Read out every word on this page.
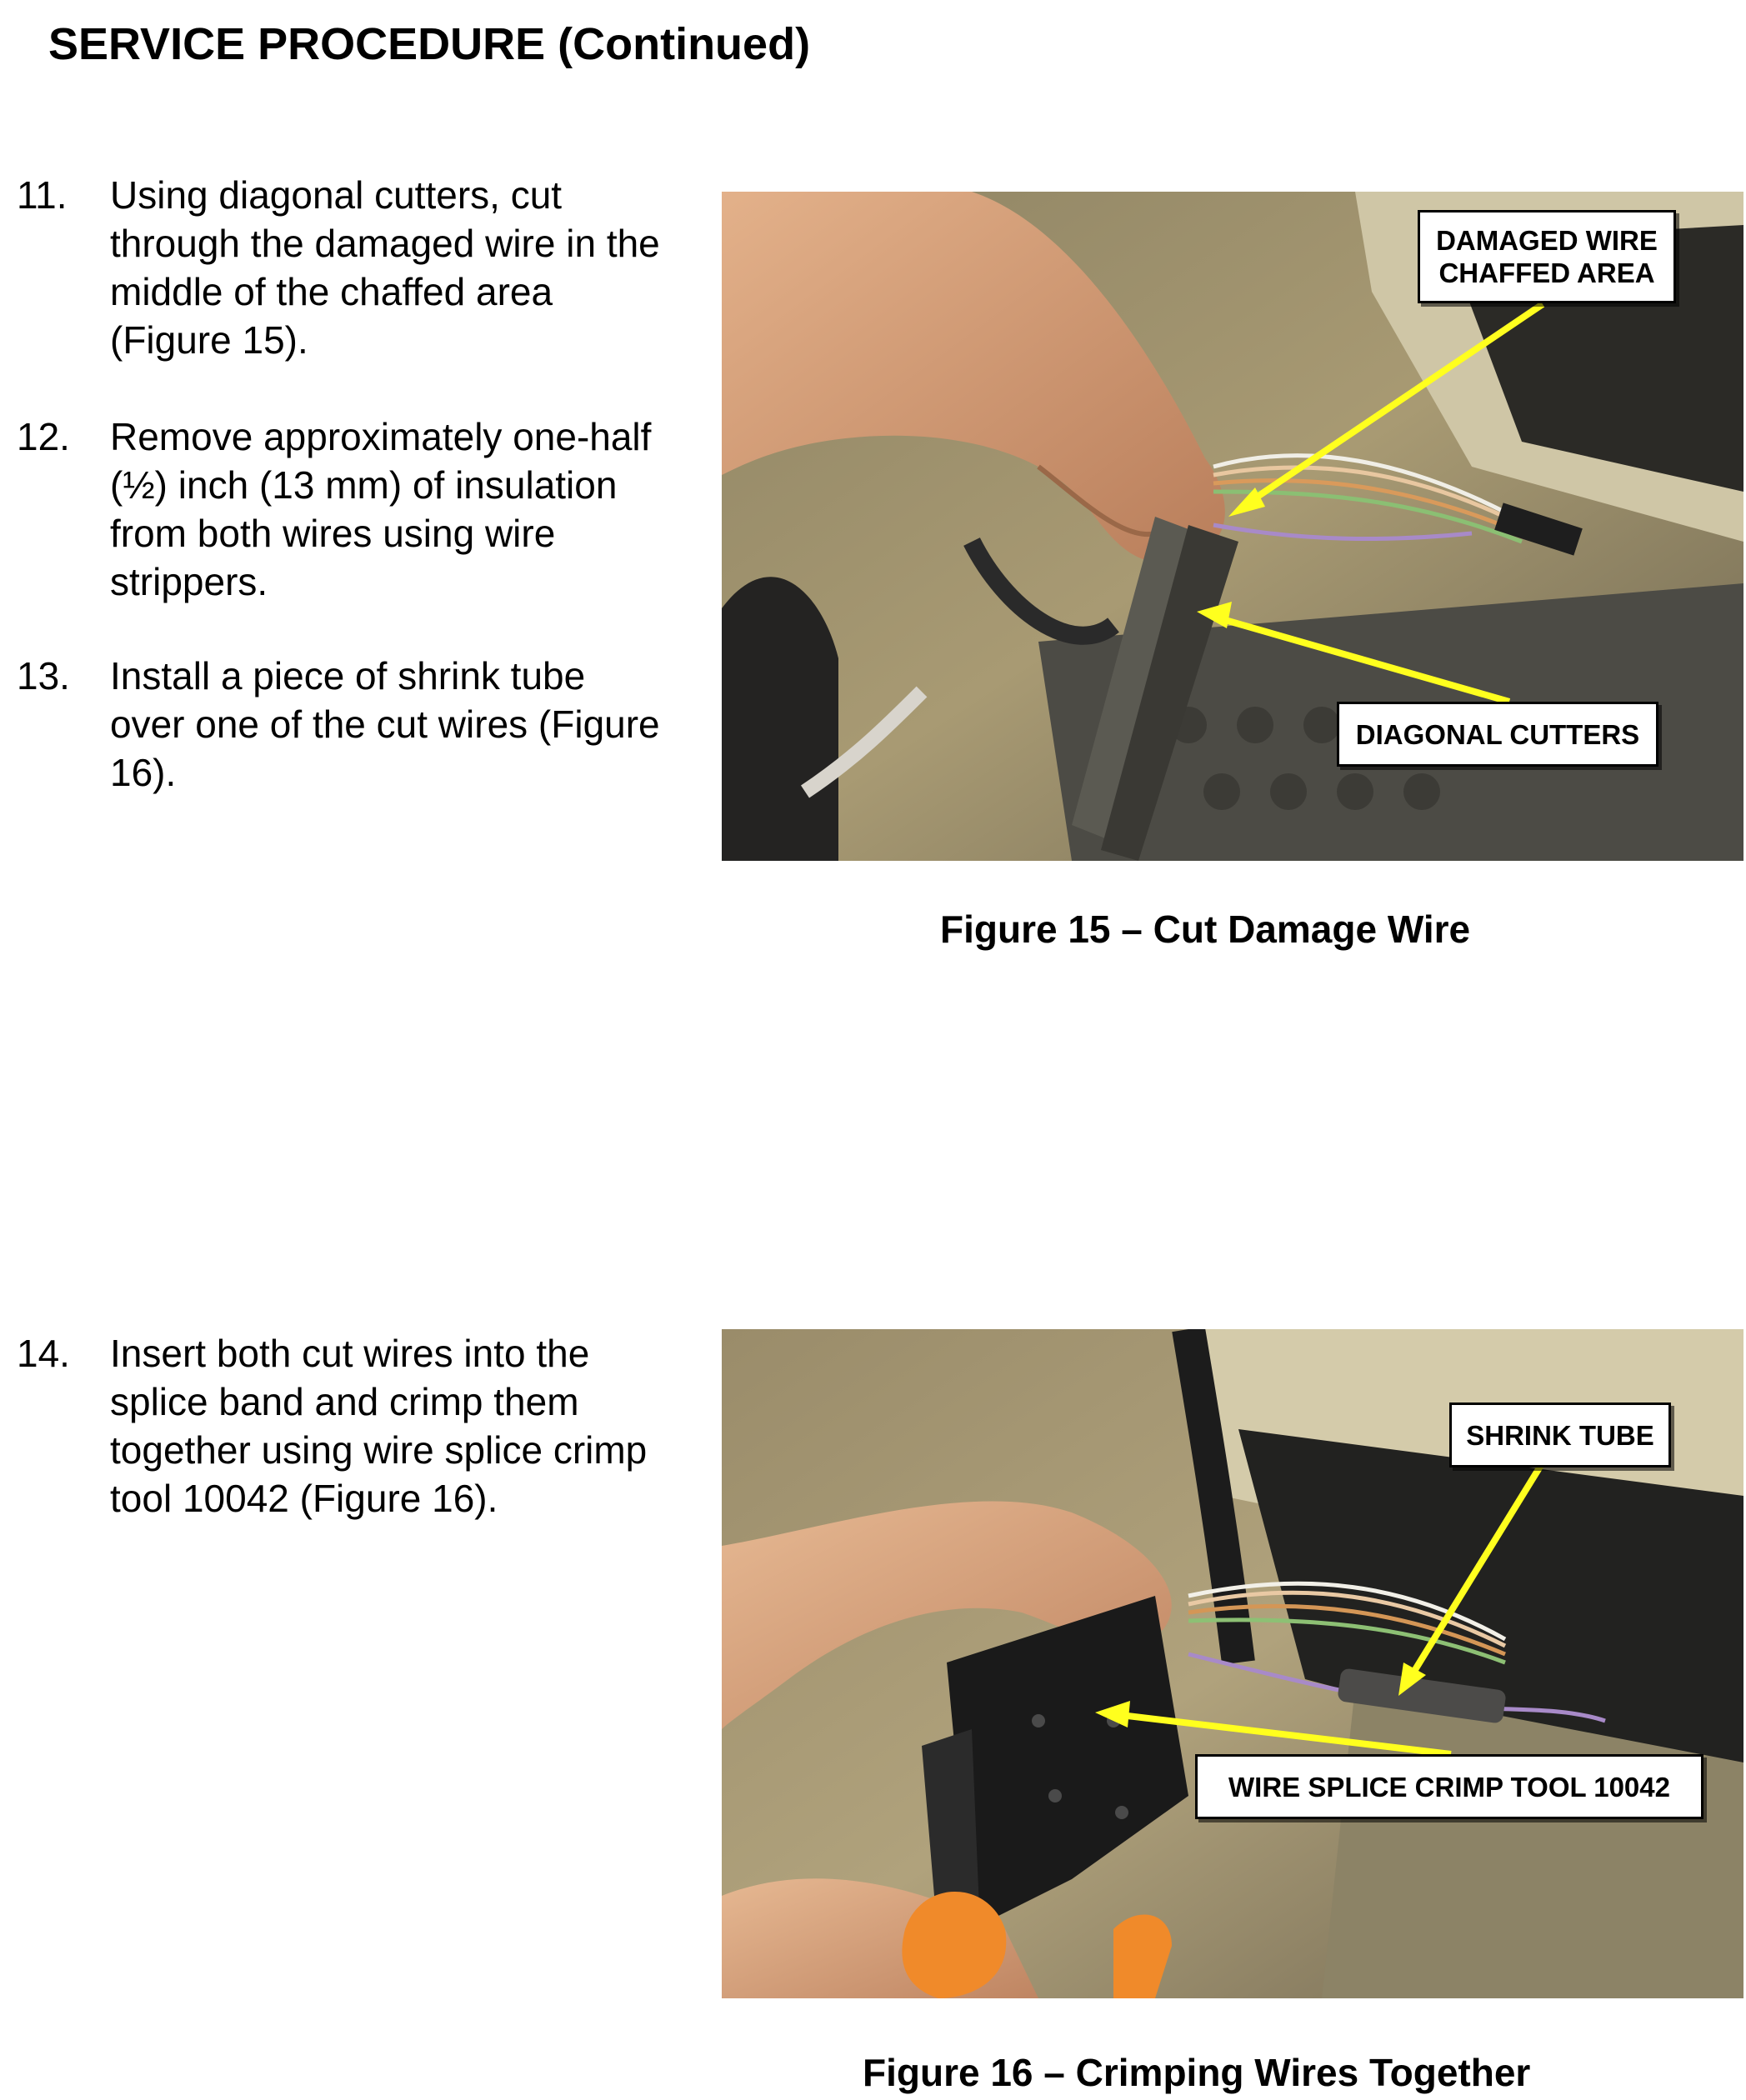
SERVICE PROCEDURE (Continued)
11.	Using diagonal cutters, cut through the damaged wire in the middle of the chaffed area (Figure 15).
12.	Remove approximately one-half (½) inch (13 mm) of insulation from both wires using wire strippers.
13.	Install a piece of shrink tube over one of the cut wires (Figure 16).
DAMAGED WIRE
CHAFFED AREA
DIAGONAL CUTTERS
Figure 15 – Cut Damage Wire
14.	Insert both cut wires into the splice band and crimp them together using wire splice crimp tool 10042 (Figure 16).
SHRINK TUBE
WIRE SPLICE CRIMP TOOL 10042
Figure 16 – Crimping Wires Together
